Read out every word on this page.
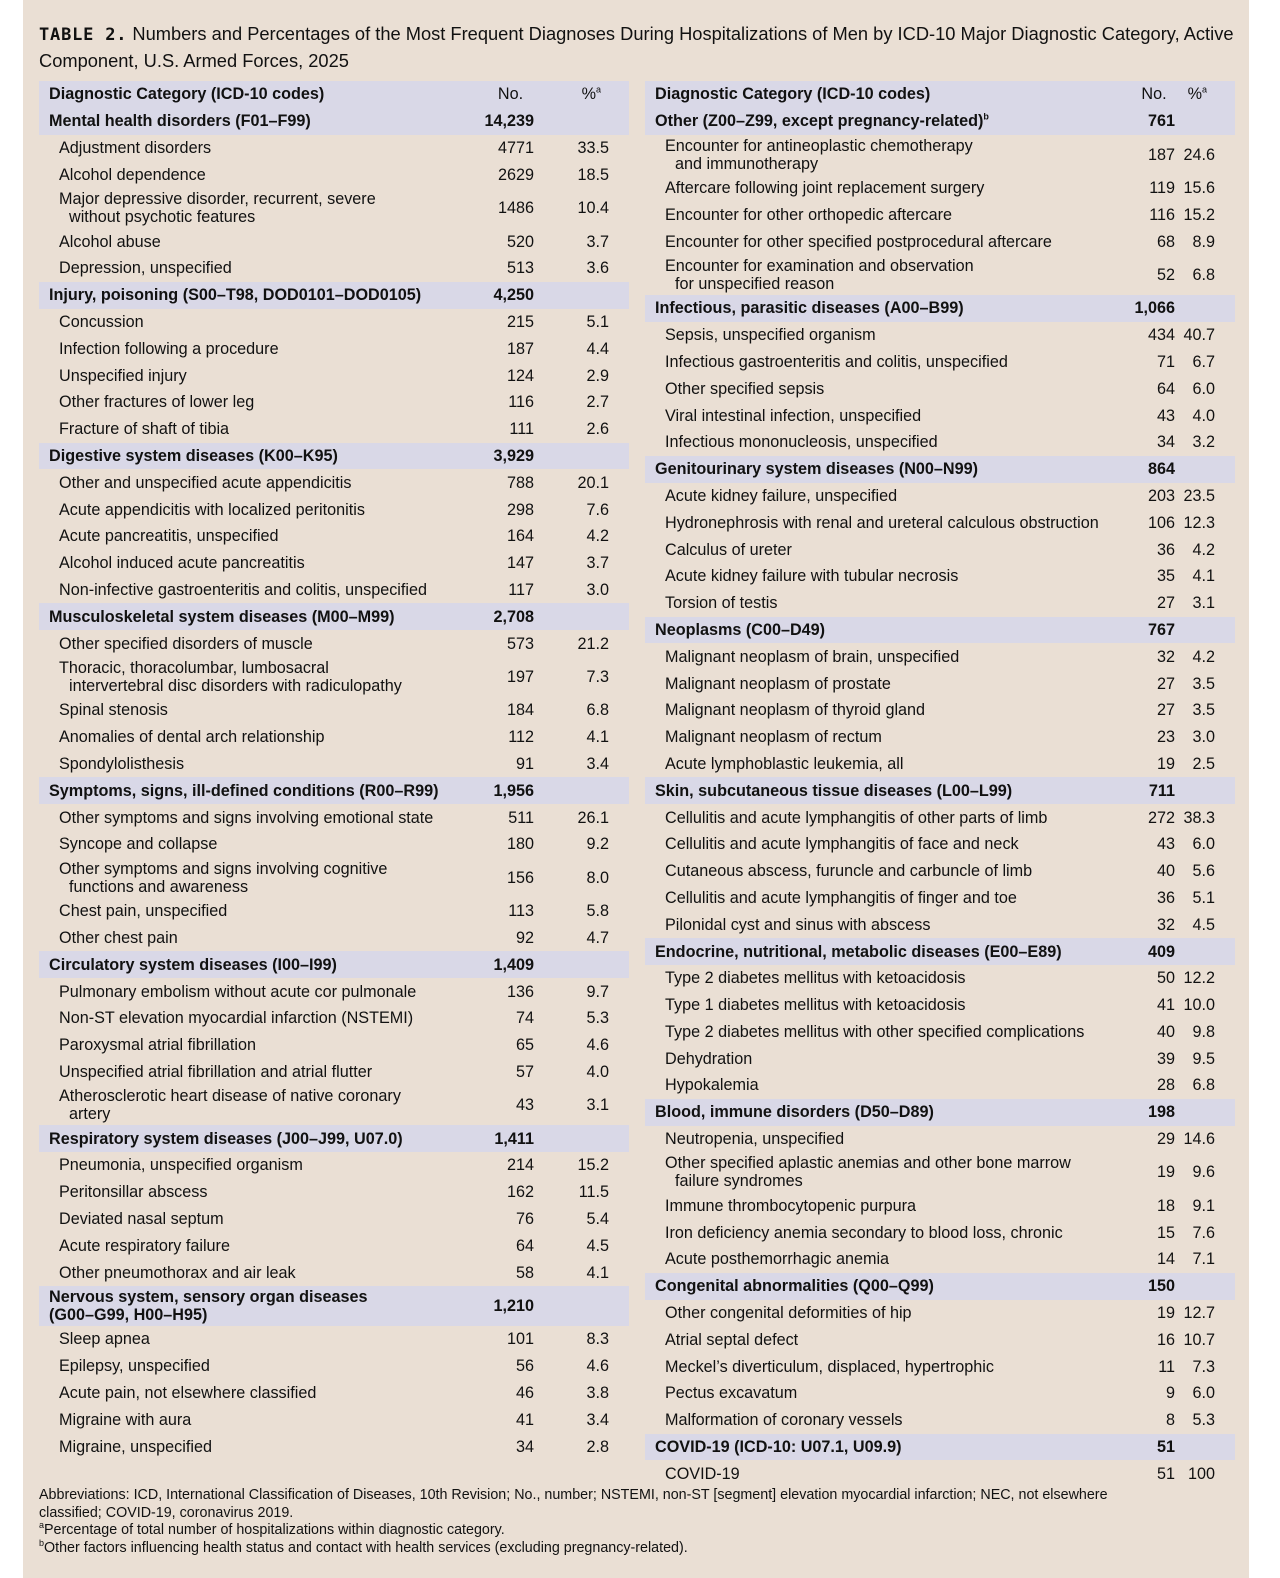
TABLE 2. Numbers and Percentages of the Most Frequent Diagnoses During Hospitalizations of Men by ICD-10 Major Diagnostic Category, Active Component, U.S. Armed Forces, 2025
Diagnostic Category (ICD-10 codes)	No.	%$^a$
Mental health disorders (F01–F99)	14,239	
Adjustment disorders	4771	33.5
Alcohol dependence	2629	18.5
Major depressive disorder, recurrent, severe
without psychotic features	1486	10.4
Alcohol abuse	520	3.7
Depression, unspecified	513	3.6
Injury, poisoning (S00–T98, DOD0101–DOD0105)	4,250	
Concussion	215	5.1
Infection following a procedure	187	4.4
Unspecified injury	124	2.9
Other fractures of lower leg	116	2.7
Fracture of shaft of tibia	111	2.6
Digestive system diseases (K00–K95)	3,929	
Other and unspecified acute appendicitis	788	20.1
Acute appendicitis with localized peritonitis	298	7.6
Acute pancreatitis, unspecified	164	4.2
Alcohol induced acute pancreatitis	147	3.7
Non-infective gastroenteritis and colitis, unspecified	117	3.0
Musculoskeletal system diseases (M00–M99)	2,708	
Other specified disorders of muscle	573	21.2
Thoracic, thoracolumbar, lumbosacral
intervertebral disc disorders with radiculopathy	197	7.3
Spinal stenosis	184	6.8
Anomalies of dental arch relationship	112	4.1
Spondylolisthesis	91	3.4
Symptoms, signs, ill-defined conditions (R00–R99)	1,956	
Other symptoms and signs involving emotional state	511	26.1
Syncope and collapse	180	9.2
Other symptoms and signs involving cognitive
functions and awareness	156	8.0
Chest pain, unspecified	113	5.8
Other chest pain	92	4.7
Circulatory system diseases (I00–I99)	1,409	
Pulmonary embolism without acute cor pulmonale	136	9.7
Non-ST elevation myocardial infarction (NSTEMI)	74	5.3
Paroxysmal atrial fibrillation	65	4.6
Unspecified atrial fibrillation and atrial flutter	57	4.0
Atherosclerotic heart disease of native coronary
artery	43	3.1
Respiratory system diseases (J00–J99, U07.0)	1,411	
Pneumonia, unspecified organism	214	15.2
Peritonsillar abscess	162	11.5
Deviated nasal septum	76	5.4
Acute respiratory failure	64	4.5
Other pneumothorax and air leak	58	4.1
Nervous system, sensory organ diseases
(G00–G99, H00–H95)	1,210	
Sleep apnea	101	8.3
Epilepsy, unspecified	56	4.6
Acute pain, not elsewhere classified	46	3.8
Migraine with aura	41	3.4
Migraine, unspecified	34	2.8
Diagnostic Category (ICD-10 codes)	No.	%$^a$
Other (Z00–Z99, except pregnancy-related)$^b$	761	
Encounter for antineoplastic chemotherapy
and immunotherapy	187	24.6
Aftercare following joint replacement surgery	119	15.6
Encounter for other orthopedic aftercare	116	15.2
Encounter for other specified postprocedural aftercare	68	8.9
Encounter for examination and observation
for unspecified reason	52	6.8
Infectious, parasitic diseases (A00–B99)	1,066	
Sepsis, unspecified organism	434	40.7
Infectious gastroenteritis and colitis, unspecified	71	6.7
Other specified sepsis	64	6.0
Viral intestinal infection, unspecified	43	4.0
Infectious mononucleosis, unspecified	34	3.2
Genitourinary system diseases (N00–N99)	864	
Acute kidney failure, unspecified	203	23.5
Hydronephrosis with renal and ureteral calculous obstruction	106	12.3
Calculus of ureter	36	4.2
Acute kidney failure with tubular necrosis	35	4.1
Torsion of testis	27	3.1
Neoplasms (C00–D49)	767	
Malignant neoplasm of brain, unspecified	32	4.2
Malignant neoplasm of prostate	27	3.5
Malignant neoplasm of thyroid gland	27	3.5
Malignant neoplasm of rectum	23	3.0
Acute lymphoblastic leukemia, all	19	2.5
Skin, subcutaneous tissue diseases (L00–L99)	711	
Cellulitis and acute lymphangitis of other parts of limb	272	38.3
Cellulitis and acute lymphangitis of face and neck	43	6.0
Cutaneous abscess, furuncle and carbuncle of limb	40	5.6
Cellulitis and acute lymphangitis of finger and toe	36	5.1
Pilonidal cyst and sinus with abscess	32	4.5
Endocrine, nutritional, metabolic diseases (E00–E89)	409	
Type 2 diabetes mellitus with ketoacidosis	50	12.2
Type 1 diabetes mellitus with ketoacidosis	41	10.0
Type 2 diabetes mellitus with other specified complications	40	9.8
Dehydration	39	9.5
Hypokalemia	28	6.8
Blood, immune disorders (D50–D89)	198	
Neutropenia, unspecified	29	14.6
Other specified aplastic anemias and other bone marrow
failure syndromes	19	9.6
Immune thrombocytopenic purpura	18	9.1
Iron deficiency anemia secondary to blood loss, chronic	15	7.6
Acute posthemorrhagic anemia	14	7.1
Congenital abnormalities (Q00–Q99)	150	
Other congenital deformities of hip	19	12.7
Atrial septal defect	16	10.7
Meckel’s diverticulum, displaced, hypertrophic	11	7.3
Pectus excavatum	9	6.0
Malformation of coronary vessels	8	5.3
COVID-19 (ICD-10: U07.1, U09.9)	51	
COVID-19	51	100

Abbreviations: ICD, International Classification of Diseases, 10th Revision; No., number; NSTEMI, non-ST [segment] elevation myocardial infarction; NEC, not elsewhere classified; COVID-19, coronavirus 2019.

$^a$Percentage of total number of hospitalizations within diagnostic category.

$^b$Other factors influencing health status and contact with health services (excluding pregnancy-related).
